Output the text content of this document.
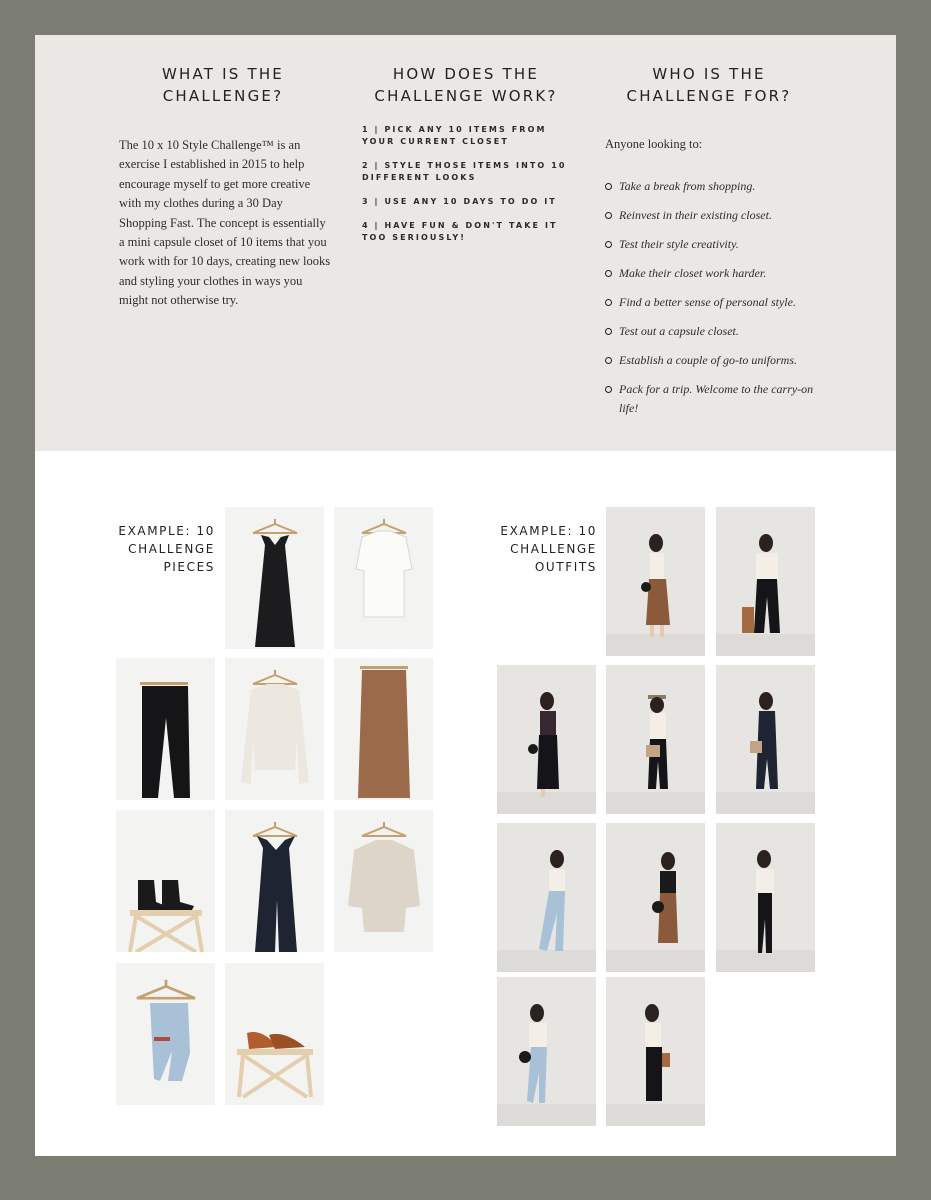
WHAT IS THE
CHALLENGE?
HOW DOES THE
CHALLENGE WORK?
WHO IS THE
CHALLENGE FOR?
The 10 x 10 Style Challenge™ is an exercise I established in 2015 to help encourage myself to get more creative with my clothes during a 30 Day Shopping Fast. The concept is essentially a mini capsule closet of 10 items that you work with for 10 days, creating new looks and styling your clothes in ways you might not otherwise try.
1 | PICK ANY 10 ITEMS FROM YOUR CURRENT CLOSET
2 | STYLE THOSE ITEMS INTO 10 DIFFERENT LOOKS
3 | USE ANY 10 DAYS TO DO IT
4 | HAVE FUN & DON'T TAKE IT TOO SERIOUSLY!
Anyone looking to:
Take a break from shopping.
Reinvest in their existing closet.
Test their style creativity.
Make their closet work harder.
Find a better sense of personal style.
Test out a capsule closet.
Establish a couple of go-to uniforms.
Pack for a trip. Welcome to the carry-on life!
EXAMPLE: 10
CHALLENGE
PIECES
EXAMPLE: 10
CHALLENGE
OUTFITS
